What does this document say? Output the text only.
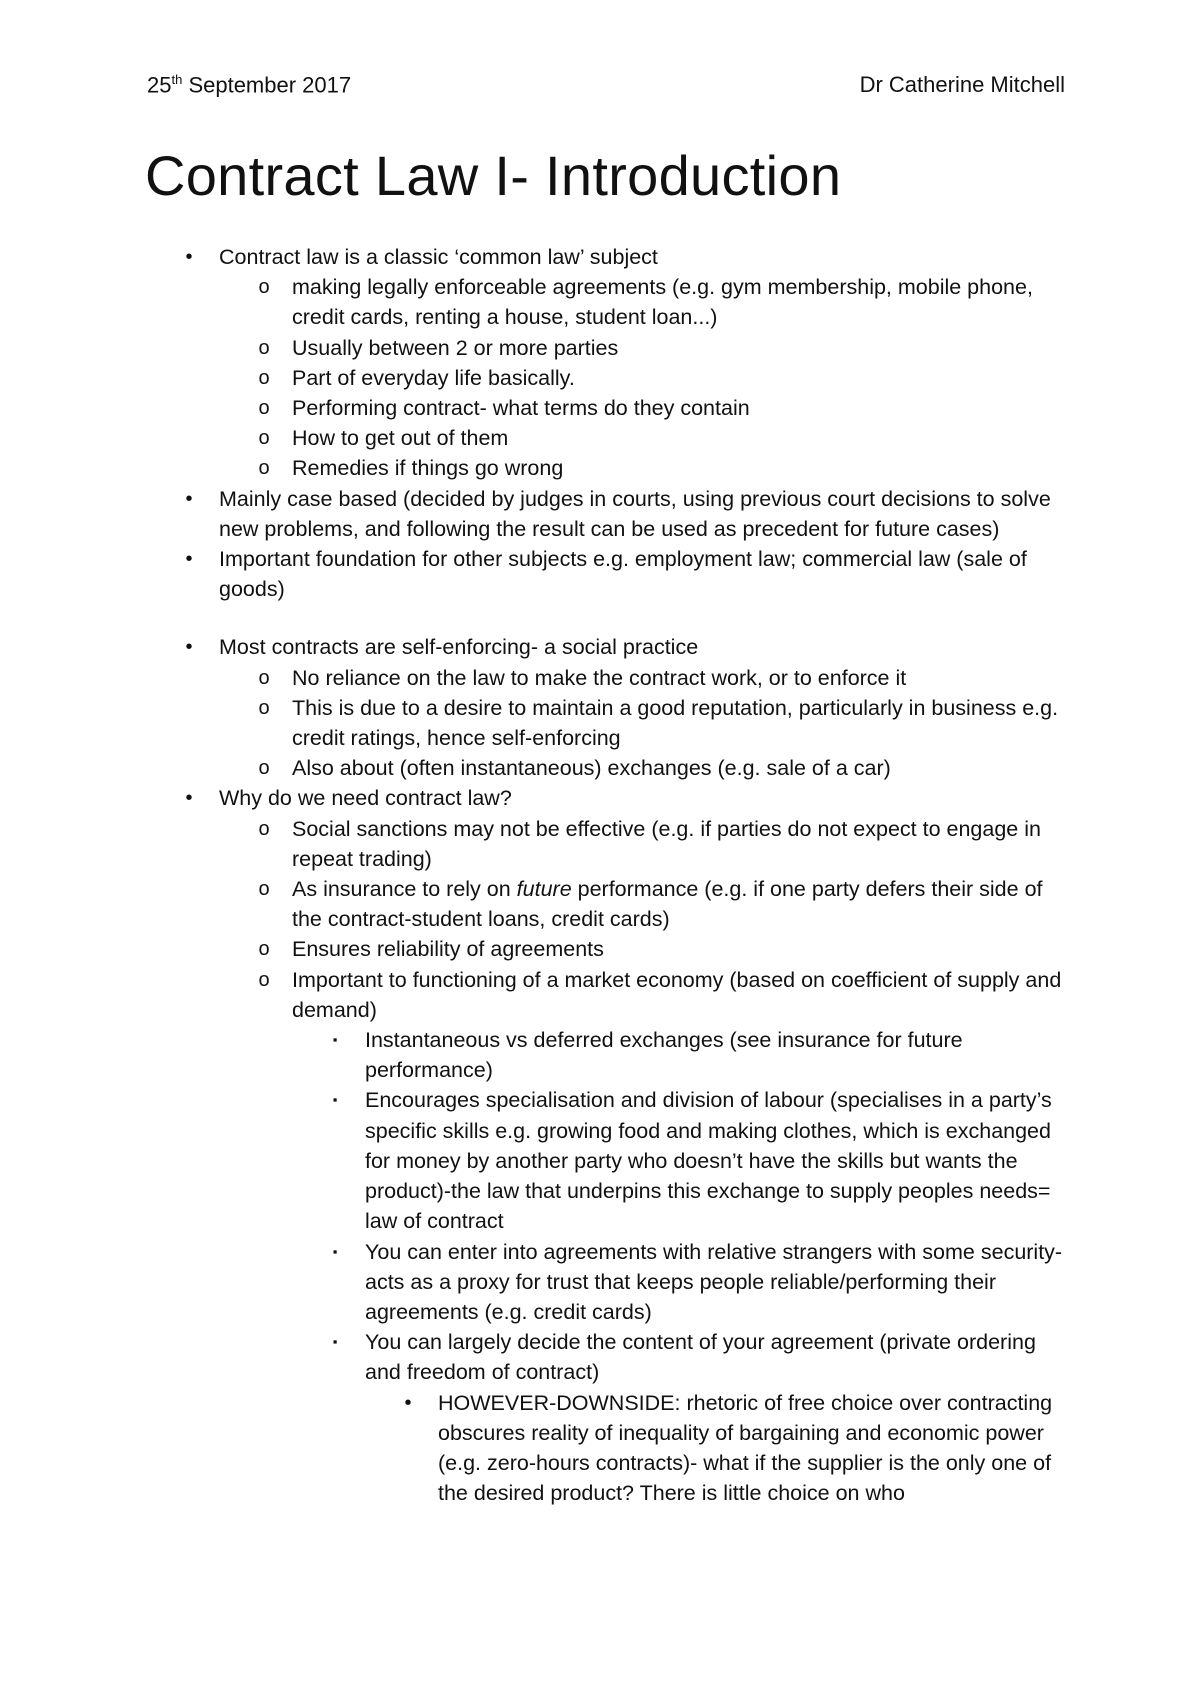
25th September 2017	Dr Catherine Mitchell
Contract Law I- Introduction
•	Contract law is a classic ‘common law’ subject
o making legally enforceable agreements (e.g. gym membership, mobile phone, credit cards, renting a house, student loan...)
o Usually between 2 or more parties
o Part of everyday life basically.
o Performing contract- what terms do they contain
o How to get out of them
o Remedies if things go wrong
•	Mainly case based (decided by judges in courts, using previous court decisions to solve new problems, and following the result can be used as precedent for future cases)
•	Important foundation for other subjects e.g. employment law; commercial law (sale of goods)
•	Most contracts are self-enforcing- a social practice
o No reliance on the law to make the contract work, or to enforce it
o This is due to a desire to maintain a good reputation, particularly in business e.g. credit ratings, hence self-enforcing
o Also about (often instantaneous) exchanges (e.g. sale of a car)
•	Why do we need contract law?
o Social sanctions may not be effective (e.g. if parties do not expect to engage in repeat trading)
o As insurance to rely on future performance (e.g. if one party defers their side of the contract-student loans, credit cards)
o Ensures reliability of agreements
o Important to functioning of a market economy (based on coefficient of supply and demand)
▪	Instantaneous vs deferred exchanges (see insurance for future performance)
▪	Encourages specialisation and division of labour (specialises in a party’s specific skills e.g. growing food and making clothes, which is exchanged for money by another party who doesn’t have the skills but wants the product)-the law that underpins this exchange to supply peoples needs= law of contract
▪	You can enter into agreements with relative strangers with some security- acts as a proxy for trust that keeps people reliable/performing their agreements (e.g. credit cards)
▪	You can largely decide the content of your agreement (private ordering and freedom of contract)
•	HOWEVER-DOWNSIDE: rhetoric of free choice over contracting obscures reality of inequality of bargaining and economic power (e.g. zero-hours contracts)- what if the supplier is the only one of the desired product? There is little choice on who
